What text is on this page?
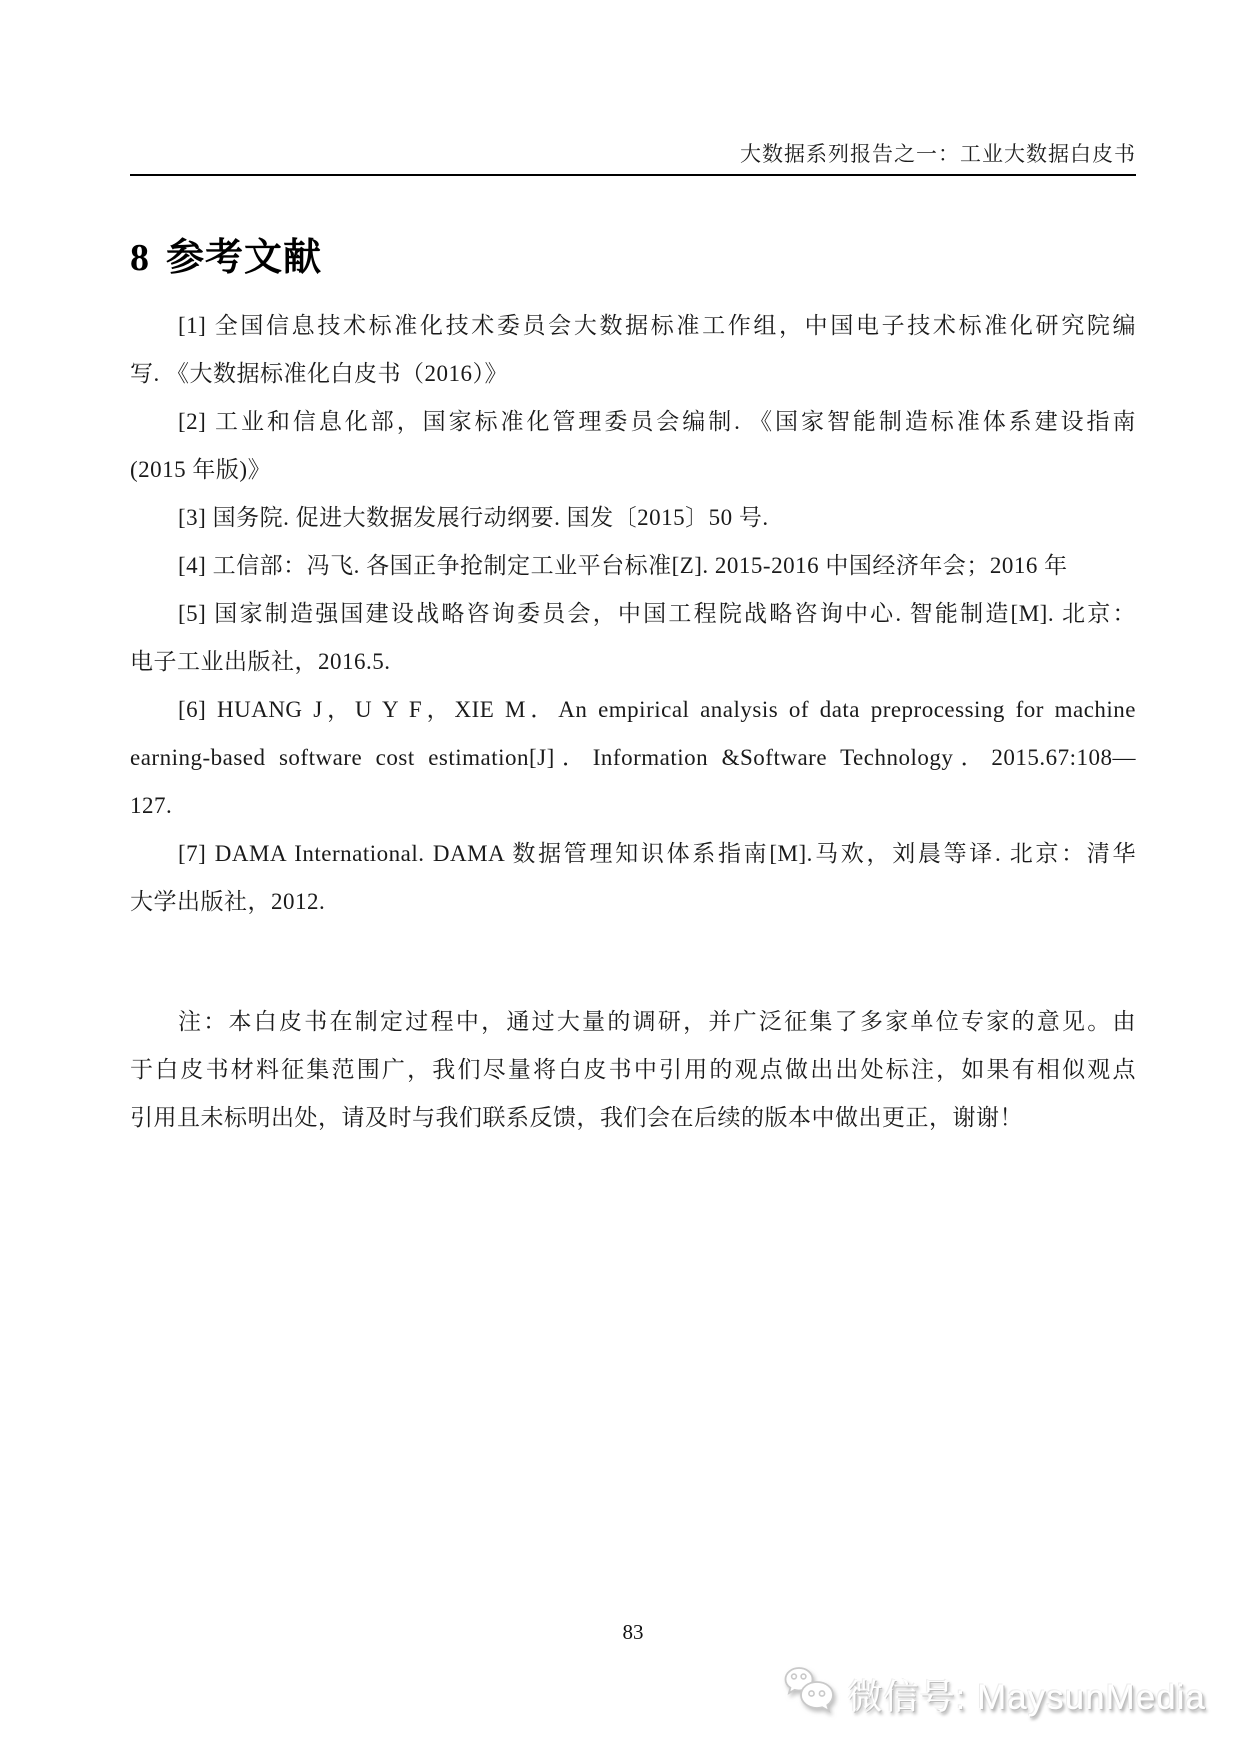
大数据系列报告之一：工业大数据白皮书
8 参考文献
[1] 全国信息技术标准化技术委员会大数据标准工作组，中国电子技术标准化研究院编
写. 《大数据标准化白皮书（2016）》
[2] 工业和信息化部，国家标准化管理委员会编制. 《国家智能制造标准体系建设指南
(2015 年版)》
[3] 国务院. 促进大数据发展行动纲要. 国发〔2015〕50 号.
[4] 工信部：冯飞. 各国正争抢制定工业平台标准[Z]. 2015-2016 中国经济年会；2016 年
[5] 国家制造强国建设战略咨询委员会，中国工程院战略咨询中心. 智能制造[M]. 北京：
电子工业出版社，2016.5.
[6] HUANG J，U Y F，XIE M．An empirical analysis of data preprocessing for machine
earning-based software cost estimation[J]．Information &Software Technology．2015.67:108—
127.
[7] DAMA International. DAMA 数据管理知识体系指南[M].马欢，刘晨等译. 北京：清华
大学出版社，2012.
注：本白皮书在制定过程中，通过大量的调研，并广泛征集了多家单位专家的意见。由
于白皮书材料征集范围广，我们尽量将白皮书中引用的观点做出出处标注，如果有相似观点
引用且未标明出处，请及时与我们联系反馈，我们会在后续的版本中做出更正，谢谢！
83
微信号: MaysunMedia
